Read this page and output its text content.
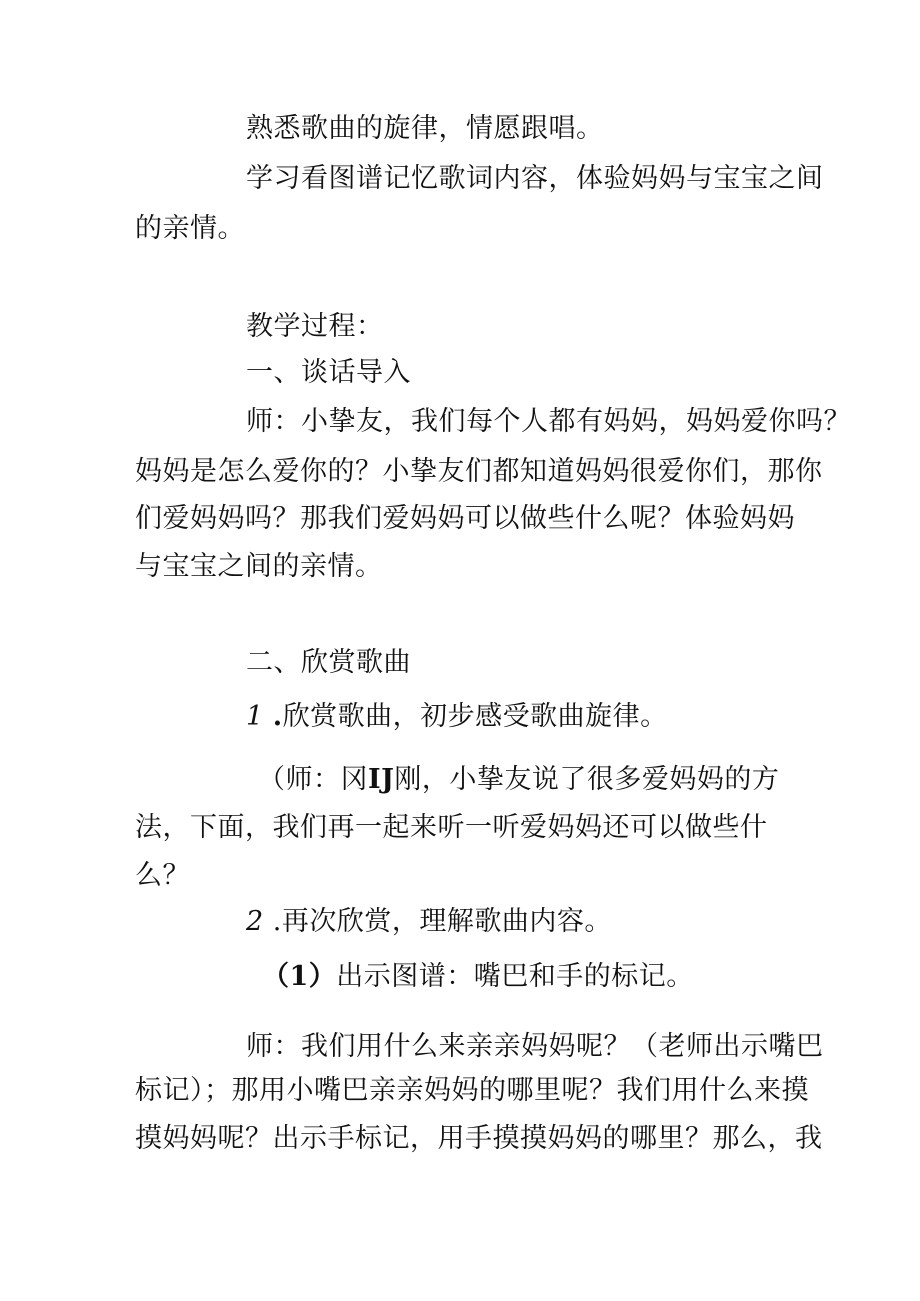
熟悉歌曲的旋律，情愿跟唱。
学习看图谱记忆歌词内容，体验妈妈与宝宝之间
的亲情。
教学过程：
一、谈话导入
师：小挚友，我们每个人都有妈妈，妈妈爱你吗？
妈妈是怎么爱你的？小挚友们都知道妈妈很爱你们，那你
们爱妈妈吗？那我们爱妈妈可以做些什么呢？体验妈妈
与宝宝之间的亲情。
二、欣赏歌曲
1 .欣赏歌曲，初步感受歌曲旋律。
（师：冈IJ刚，小挚友说了很多爱妈妈的方
法，下面，我们再一起来听一听爱妈妈还可以做些什
么？
2 .再次欣赏，理解歌曲内容。
（1）出示图谱：嘴巴和手的标记。
师：我们用什么来亲亲妈妈呢？（老师出示嘴巴
标记）；那用小嘴巴亲亲妈妈的哪里呢？我们用什么来摸
摸妈妈呢？出示手标记，用手摸摸妈妈的哪里？那么，我
